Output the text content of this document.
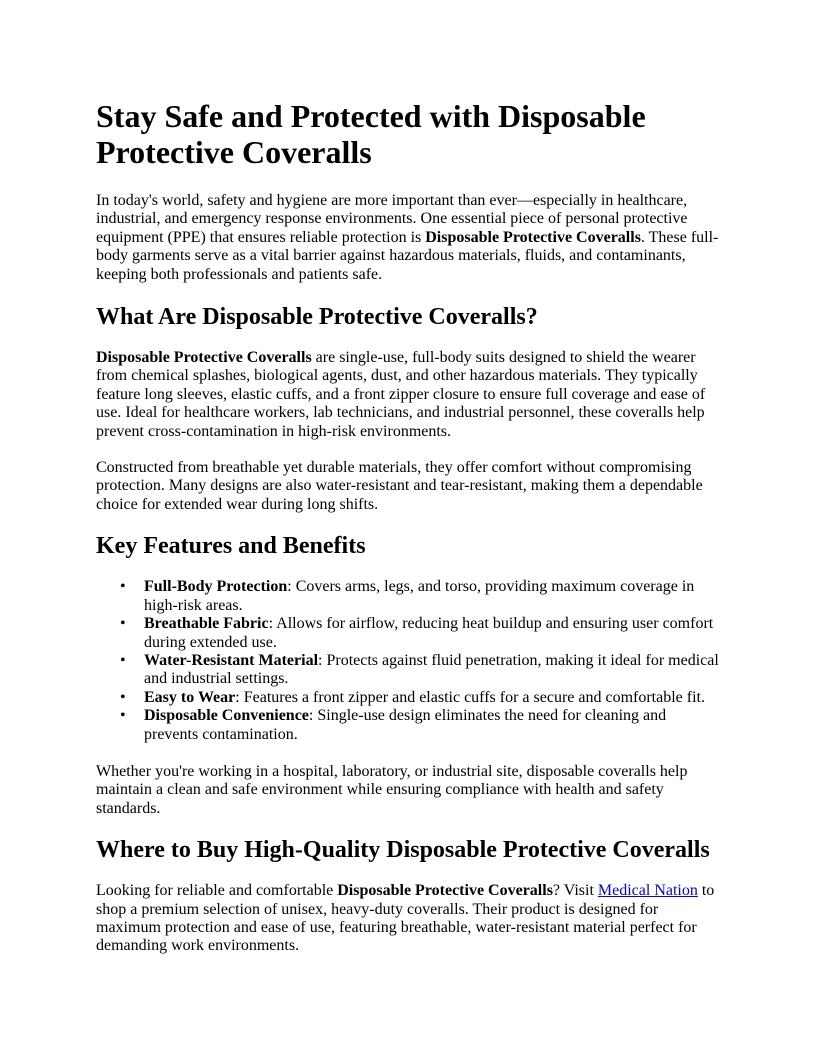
Stay Safe and Protected with Disposable Protective Coveralls

In today's world, safety and hygiene are more important than ever—especially in healthcare, industrial, and emergency response environments. One essential piece of personal protective equipment (PPE) that ensures reliable protection is Disposable Protective Coveralls. These full-body garments serve as a vital barrier against hazardous materials, fluids, and contaminants, keeping both professionals and patients safe.

What Are Disposable Protective Coveralls?

Disposable Protective Coveralls are single-use, full-body suits designed to shield the wearer from chemical splashes, biological agents, dust, and other hazardous materials. They typically feature long sleeves, elastic cuffs, and a front zipper closure to ensure full coverage and ease of use. Ideal for healthcare workers, lab technicians, and industrial personnel, these coveralls help prevent cross-contamination in high-risk environments.

Constructed from breathable yet durable materials, they offer comfort without compromising protection. Many designs are also water-resistant and tear-resistant, making them a dependable choice for extended wear during long shifts.

Key Features and Benefits
• Full-Body Protection: Covers arms, legs, and torso, providing maximum coverage in high-risk areas.
• Breathable Fabric: Allows for airflow, reducing heat buildup and ensuring user comfort during extended use.
• Water-Resistant Material: Protects against fluid penetration, making it ideal for medical and industrial settings.
• Easy to Wear: Features a front zipper and elastic cuffs for a secure and comfortable fit.
• Disposable Convenience: Single-use design eliminates the need for cleaning and prevents contamination.

Whether you're working in a hospital, laboratory, or industrial site, disposable coveralls help maintain a clean and safe environment while ensuring compliance with health and safety standards.

Where to Buy High-Quality Disposable Protective Coveralls

Looking for reliable and comfortable Disposable Protective Coveralls? Visit Medical Nation to shop a premium selection of unisex, heavy-duty coveralls. Their product is designed for maximum protection and ease of use, featuring breathable, water-resistant material perfect for demanding work environments.
